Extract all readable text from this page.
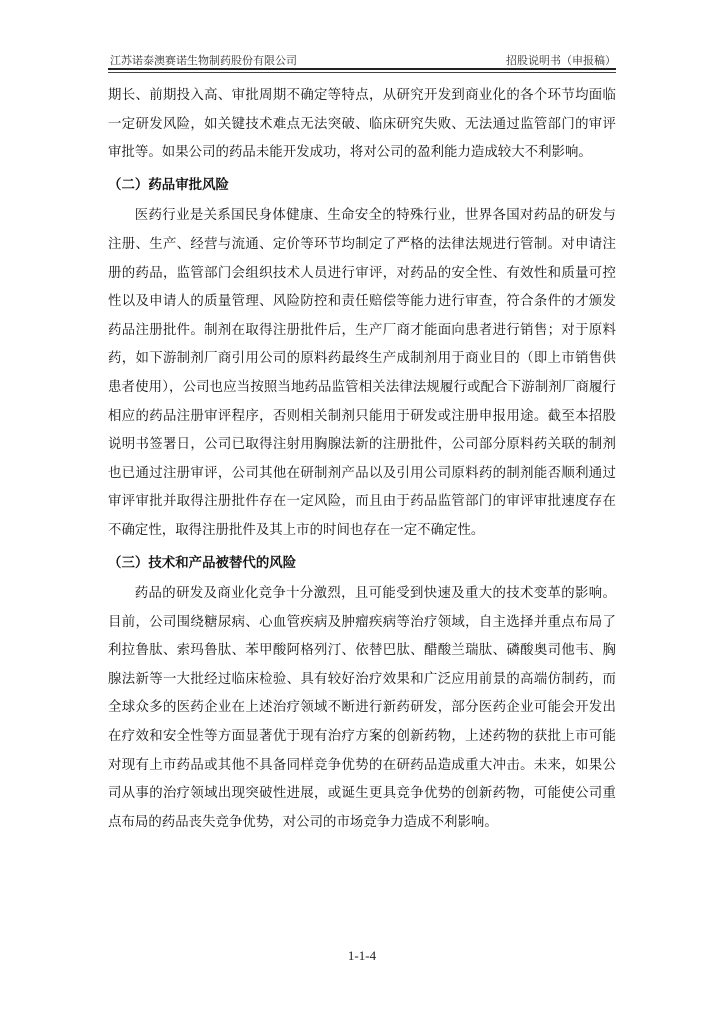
江苏诺泰澳赛诺生物制药股份有限公司	招股说明书（申报稿）

期长、前期投入高、审批周期不确定等特点，从研究开发到商业化的各个环节均面临一定研发风险，如关键技术难点无法突破、临床研究失败、无法通过监管部门的审评审批等。如果公司的药品未能开发成功，将对公司的盈利能力造成较大不利影响。

（二）药品审批风险

医药行业是关系国民身体健康、生命安全的特殊行业，世界各国对药品的研发与注册、生产、经营与流通、定价等环节均制定了严格的法律法规进行管制。对申请注册的药品，监管部门会组织技术人员进行审评，对药品的安全性、有效性和质量可控性以及申请人的质量管理、风险防控和责任赔偿等能力进行审查，符合条件的才颁发药品注册批件。制剂在取得注册批件后，生产厂商才能面向患者进行销售；对于原料药，如下游制剂厂商引用公司的原料药最终生产成制剂用于商业目的（即上市销售供患者使用），公司也应当按照当地药品监管相关法律法规履行或配合下游制剂厂商履行相应的药品注册审评程序，否则相关制剂只能用于研发或注册申报用途。截至本招股说明书签署日，公司已取得注射用胸腺法新的注册批件，公司部分原料药关联的制剂也已通过注册审评，公司其他在研制剂产品以及引用公司原料药的制剂能否顺利通过审评审批并取得注册批件存在一定风险，而且由于药品监管部门的审评审批速度存在不确定性，取得注册批件及其上市的时间也存在一定不确定性。

（三）技术和产品被替代的风险

药品的研发及商业化竞争十分激烈，且可能受到快速及重大的技术变革的影响。目前，公司围绕糖尿病、心血管疾病及肿瘤疾病等治疗领域，自主选择并重点布局了利拉鲁肽、索玛鲁肽、苯甲酸阿格列汀、依替巴肽、醋酸兰瑞肽、磷酸奥司他韦、胸腺法新等一大批经过临床检验、具有较好治疗效果和广泛应用前景的高端仿制药，而全球众多的医药企业在上述治疗领域不断进行新药研发，部分医药企业可能会开发出在疗效和安全性等方面显著优于现有治疗方案的创新药物，上述药物的获批上市可能对现有上市药品或其他不具备同样竞争优势的在研药品造成重大冲击。未来，如果公司从事的治疗领域出现突破性进展，或诞生更具竞争优势的创新药物，可能使公司重点布局的药品丧失竞争优势，对公司的市场竞争力造成不利影响。

1-1-4
